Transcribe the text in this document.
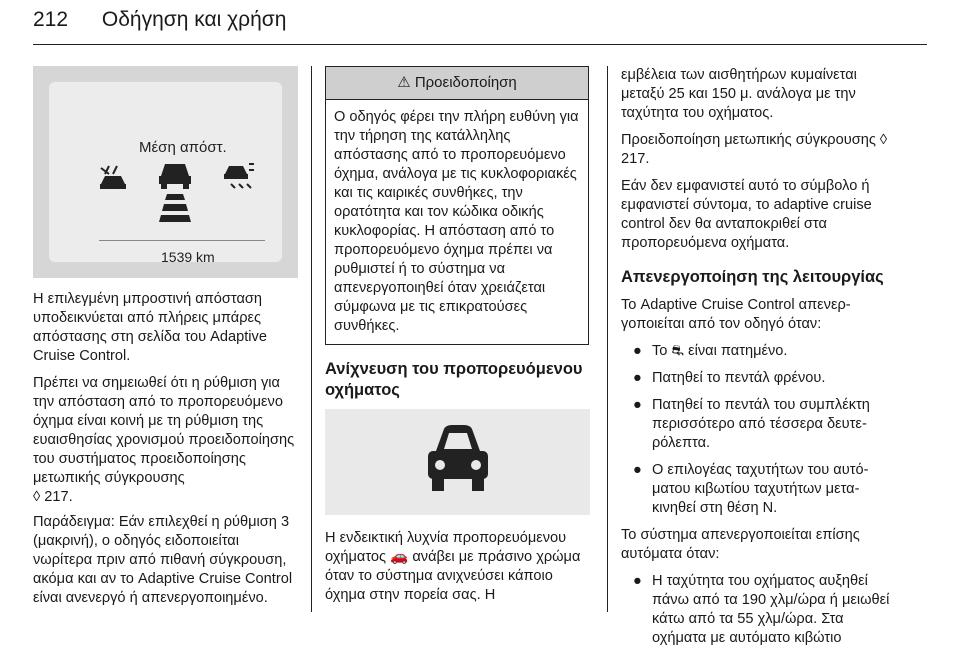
212 Οδήγηση και χρήση
Μέση απόστ.
1539 km

Η επιλεγμένη μπροστινή απόσταση υποδεικνύεται από πλήρεις μπάρες απόστασης στη σελίδα του Adaptive Cruise Control.

Πρέπει να σημειωθεί ότι η ρύθμιση για την απόσταση από το προπορευόμενο όχημα είναι κοινή με τη ρύθμιση της ευαισθησίας χρονισμού προειδοποίησης του συστήματος προειδοποίησης μετωπικής σύγκρουσης
◊ 217.

Παράδειγμα: Εάν επιλεχθεί η ρύθμιση 3 (μακρινή), ο οδηγός ειδοποιείται νωρίτερα πριν από πιθανή σύγκρουση, ακόμα και αν το Adaptive Cruise Control είναι ανενεργό ή απενεργοποιημένο.

⚠ Προειδοποίηση
Ο οδηγός φέρει την πλήρη ευθύνη για την τήρηση της κατάλληλης απόστασης από το προπορευόμενο όχημα, ανάλογα με τις κυκλοφοριακές και τις καιρικές συνθήκες, την ορατότητα και τον κώδικα οδικής κυκλοφορίας. Η απόσταση από το προπορευόμενο όχημα πρέπει να ρυθμιστεί ή το σύστημα να απενεργοποιηθεί όταν χρειάζεται σύμφωνα με τις επικρατούσες συνθήκες.
Ανίχνευση του προπορευόμενου οχήματος

Η ενδεικτική λυχνία προπορευόμενου οχήματος 🚗 ανάβει με πράσινο χρώμα όταν το σύστημα ανιχνεύσει κάποιο όχημα στην πορεία σας. Η

εμβέλεια των αισθητήρων κυμαίνεται μεταξύ 25 και 150 μ. ανάλογα με την ταχύτητα του οχήματος.

Προειδοποίηση μετωπικής σύγκρουσης ◊ 217.

Εάν δεν εμφανιστεί αυτό το σύμβολο ή εμφανιστεί σύντομα, το adaptive cruise control δεν θα ανταποκριθεί στα προπορευόμενα οχήματα.

Απενεργοποίηση της λειτουργίας

Το Adaptive Cruise Control απενεργοποιείται από τον οδηγό όταν:

● Το ⛐ είναι πατημένο.
● Πατηθεί το πεντάλ φρένου.
● Πατηθεί το πεντάλ του συμπλέκτη περισσότερο από τέσσερα δευτερόλεπτα.
● Ο επιλογέας ταχυτήτων του αυτόματου κιβωτίου ταχυτήτων μετακινηθεί στη θέση N.

Το σύστημα απενεργοποιείται επίσης αυτόματα όταν:

● Η ταχύτητα του οχήματος αυξηθεί πάνω από τα 190 χλμ/ώρα ή μειωθεί κάτω από τα 55 χλμ/ώρα. Στα οχήματα με αυτόματο κιβώτιο
